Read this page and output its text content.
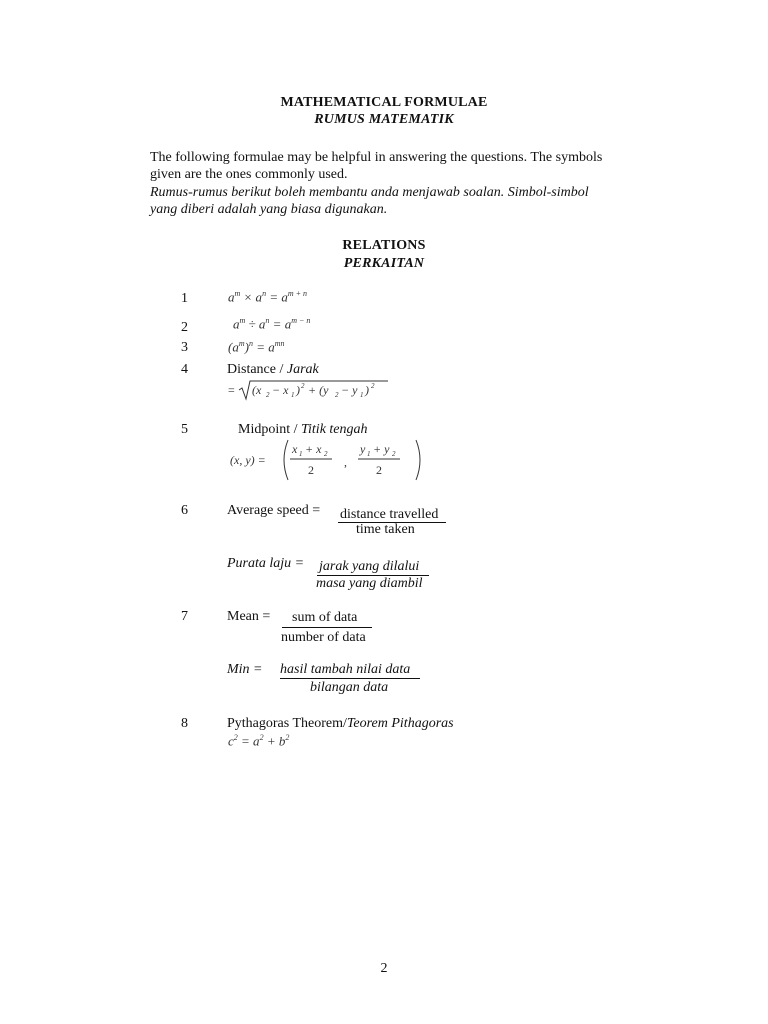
MATHEMATICAL FORMULAE
RUMUS MATEMATIK
The following formulae may be helpful in answering the questions. The symbols
given are the ones commonly used.
Rumus-rumus berikut boleh membantu anda menjawab soalan. Simbol-simbol
yang diberi adalah yang biasa digunakan.
RELATIONS
PERKAITAN
1	$a^m \times a^n = a^{m + n}$
2	$a^m \div a^n = a^{m - n}$
3	$(a^m)^n = a^{mn}$
4	Distance / Jarak
= (x 2 − x 1 ) 2 + (y 2 − y 1 ) 2
5	Midpoint / Titik tengah
(x, y) =
x 1 + x 2
2
,
y 1 + y 2
2
6	Average speed = distance travelled
time taken
Purata laju = jarak yang dilalui
masa yang diambil
7	Mean = sum of data
number of data
Min = hasil tambah nilai data
bilangan data
8	Pythagoras Theorem/Teorem Pithagoras
$c^2 = a^2 + b^2$
2
